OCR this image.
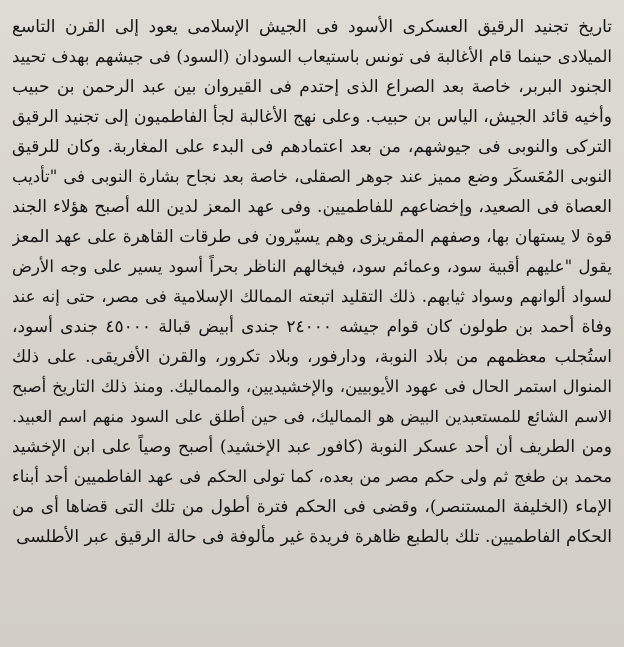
تاريخ تجنيد الرقيق العسكرى الأسود فى الجيش الإسلامى يعود إلى القرن التاسع
الميلادى حينما قام الأغالبة فى تونس باستيعاب السودان (السود) فى جيشهم بهدف تحييد
الجنود البربر، خاصة بعد الصراع الذى إحتدم فى القيروان بين عبد الرحمن بن حبيب
وأخيه قائد الجيش، الياس بن حبيب. وعلى نهج الأغالبة لجأ الفاطميون إلى تجنيد الرقيق
التركى والنوبى فى جيوشهم، من بعد اعتمادهم فى البدء على المغاربة. وكان للرقيق
النوبى المُعَسكَر وضع مميز عند جوهر الصقلى، خاصة بعد نجاح بشارة النوبى فى "تأديب
العصاة فى الصعيد، وإخضاعهم للفاطميين. وفى عهد المعز لدين الله أصبح هؤلاء الجند
قوة لا يستهان بها، وصفهم المقريزى وهم يسيّرون فى طرقات القاهرة على عهد المعز
يقول "عليهم أقبية سود، وعمائم سود، فيخالهم الناظر بحراً أسود يسير على وجه الأرض
لسواد ألوانهم وسواد ثيابهم. ذلك التقليد اتبعته الممالك الإسلامية فى مصر، حتى إنه عند
وفاة أحمد بن طولون كان قوام جيشه ٢٤٠٠٠ جندى أبيض قبالة ٤٥٠٠٠ جندى أسود،
استُجلب معظمهم من بلاد النوبة، ودارفور، وبلاد تكرور، والقرن الأفريقى. على ذلك
المنوال استمر الحال فى عهود الأيوبيين، والإخشيديين، والمماليك. ومنذ ذلك التاريخ أصبح
الاسم الشائع للمستعبدين البيض هو المماليك، فى حين أطلق على السود منهم اسم العبيد.
ومن الطريف أن أحد عسكر النوبة (كافور عبد الإخشيد) أصبح وصياً على ابن الإخشيد
محمد بن طغج ثم ولى حكم مصر من بعده، كما تولى الحكم فى عهد الفاطميين أحد أبناء
الإماء (الخليفة المستنصر)، وقضى فى الحكم فترة أطول من تلك التى قضاها أى من
الحكام الفاطميين. تلك بالطبع ظاهرة فريدة غير مألوفة فى حالة الرقيق عبر الأطلسى
